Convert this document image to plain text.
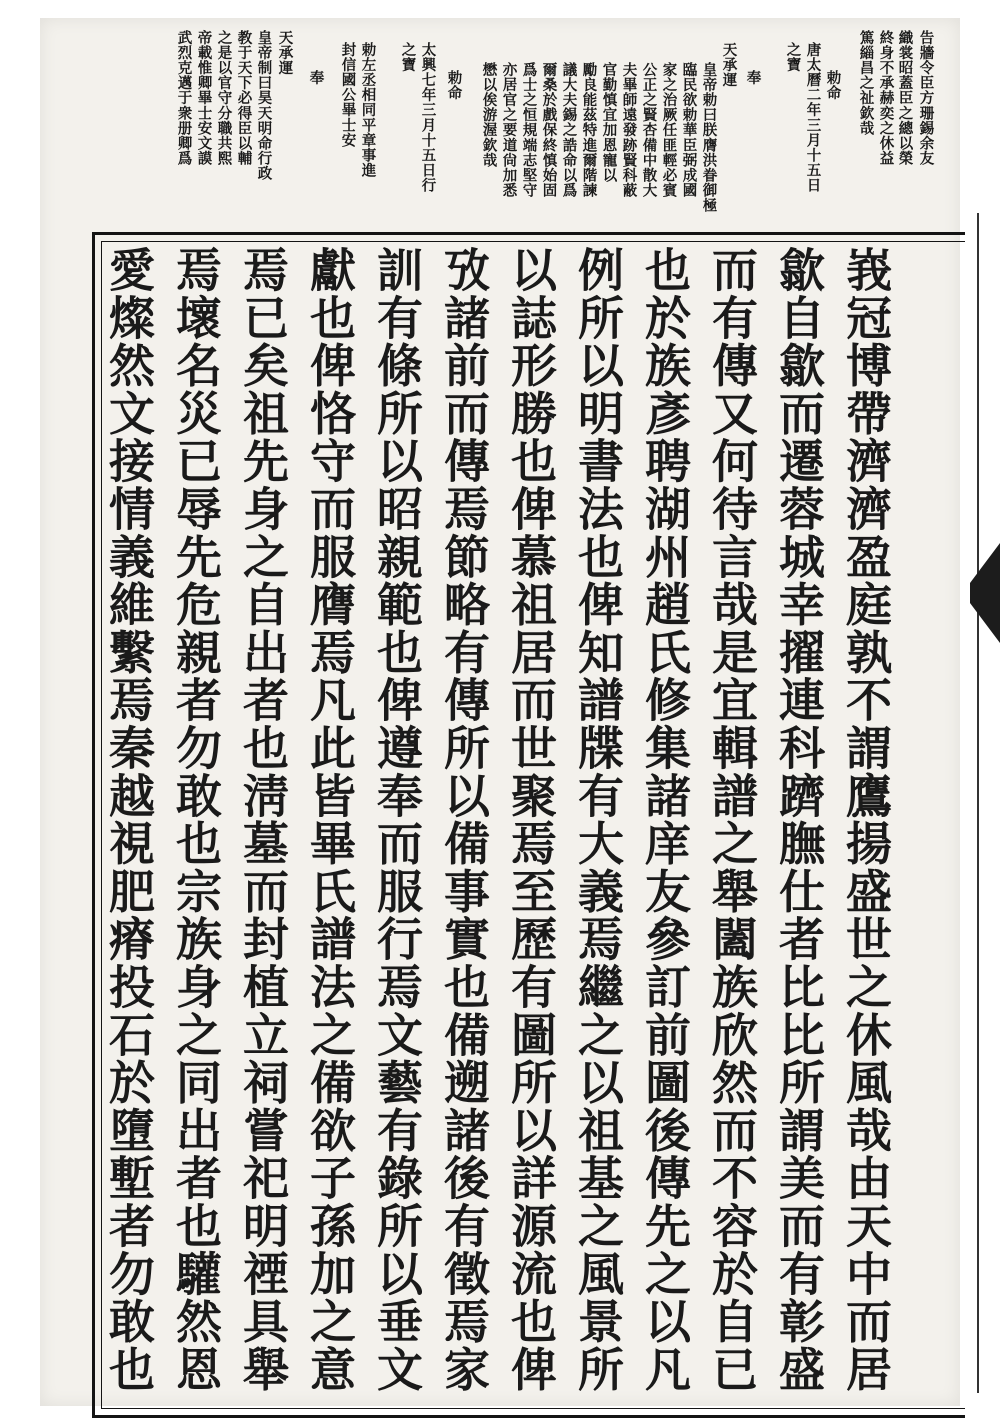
告牆令臣方珊錫余友
織裳昭蓋臣之總以榮
終身不承赫奕之休益
篤緇昌之祉欽哉
勅命
唐太曆二年三月十五日
之寶
奉
天承運
皇帝勅曰朕膺洪眷御極
臨民欲勅華臣弼成國
家之治厥任匪輕必賓
公正之賢杏備中散大
夫畢師遠發跡賢科蔽
官勤慎宜加恩寵以
勵良能茲特進爾階諫
議大夫錫之誥命以爲
爾桑於戲保終慎始固
爲士之恒規端志堅守
亦居官之要道尙加悉
懋以俟游渥欽哉
勅命
太興七年三月十五日行
之寶
勅左丞相同平章事進
封信國公畢士安
奉
天承運
皇帝制曰昊天明命行政
教于天下必得臣以輔
之是以官守分職共熙
帝載惟卿畢士安文謨
武烈克邁于衆册卿爲
峩冠博帶濟濟盈庭孰不謂鷹揚盛世之休風哉由天中而居
歙自歙而遷蓉城幸擢連科躋膴仕者比比所謂美而有彰盛
而有傳又何待言哉是宜輯譜之舉闔族欣然而不容於自已
也於族彥聘湖州趙氏修集諸庠友參訂前圖後傳先之以凡
例所以明書法也俾知譜牒有大義焉繼之以祖基之風景所
以誌形勝也俾慕祖居而世聚焉至歷有圖所以詳源流也俾
攷諸前而傳焉節略有傳所以備事實也備遡諸後有徵焉家
訓有條所以昭親範也俾遵奉而服行焉文藝有錄所以垂文
獻也俾恪守而服膺焉凡此皆畢氏譜法之備欲子孫加之意
焉已矣祖先身之自出者也淸墓而封植立祠嘗祀明禋具舉
焉壞名災已辱先危親者勿敢也宗族身之同出者也驩然恩
愛燦然文接情義維繫焉秦越視肥瘠投石於墮塹者勿敢也
